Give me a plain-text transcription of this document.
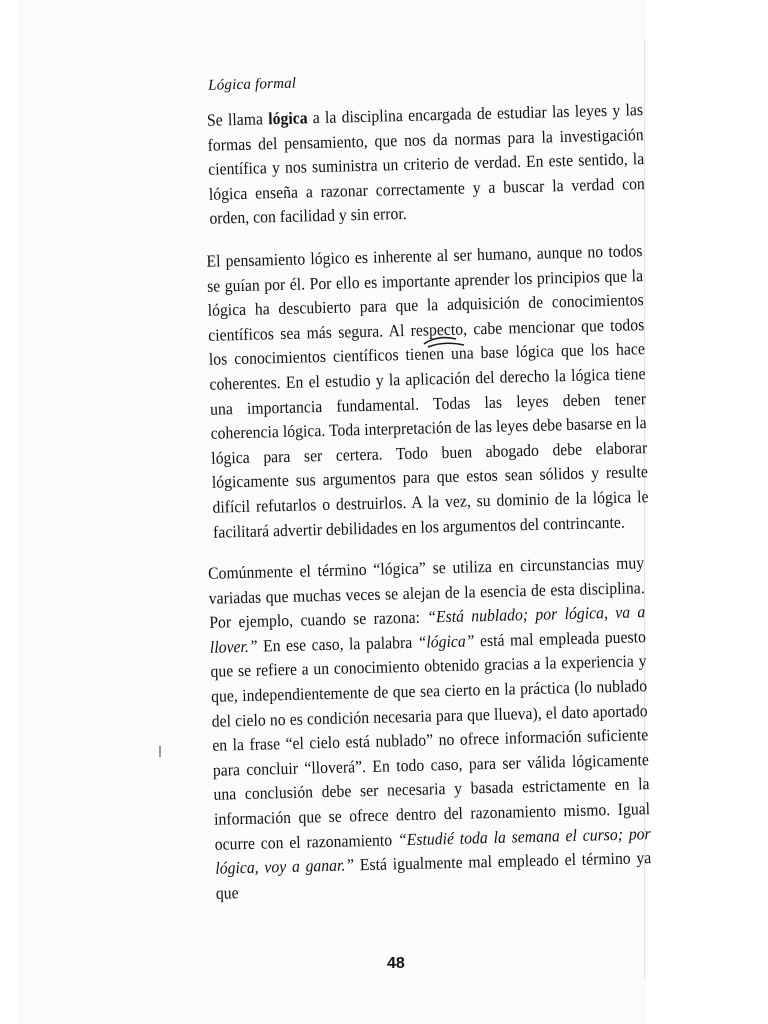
Lógica formal

Se llama lógica a la disciplina encargada de estudiar las leyes y las formas del pensamiento, que nos da normas para la investigación científica y nos suministra un criterio de verdad. En este sentido, la lógica enseña a razonar correctamente y a buscar la verdad con orden, con facilidad y sin error.

El pensamiento lógico es inherente al ser humano, aunque no todos se guían por él. Por ello es importante aprender los principios que la lógica ha descubierto para que la adquisición de conocimientos científicos sea más segura. Al respecto, cabe mencionar que todos los conocimientos científicos tienen una base lógica que los hace coherentes. En el estudio y la aplicación del derecho la lógica tiene una importancia fundamental. Todas las leyes deben tener coherencia lógica. Toda interpretación de las leyes debe basarse en la lógica para ser certera. Todo buen abogado debe elaborar lógicamente sus argumentos para que estos sean sólidos y resulte difícil refutarlos o destruirlos. A la vez, su dominio de la lógica le facilitará advertir debilidades en los argumentos del contrincante.

Comúnmente el término “lógica” se utiliza en circunstancias muy variadas que muchas veces se alejan de la esencia de esta disciplina. Por ejemplo, cuando se razona: “Está nublado; por lógica, va a llover.” En ese caso, la palabra “lógica” está mal empleada puesto que se refiere a un conocimiento obtenido gracias a la experiencia y que, independientemente de que sea cierto en la práctica (lo nublado del cielo no es condición necesaria para que llueva), el dato aportado en la frase “el cielo está nublado” no ofrece información suficiente para concluir “lloverá”. En todo caso, para ser válida lógicamente una conclusión debe ser necesaria y basada estrictamente en la información que se ofrece dentro del razonamiento mismo. Igual ocurre con el razonamiento “Estudié toda la semana el curso; por lógica, voy a ganar.” Está igualmente mal empleado el término ya que

48
